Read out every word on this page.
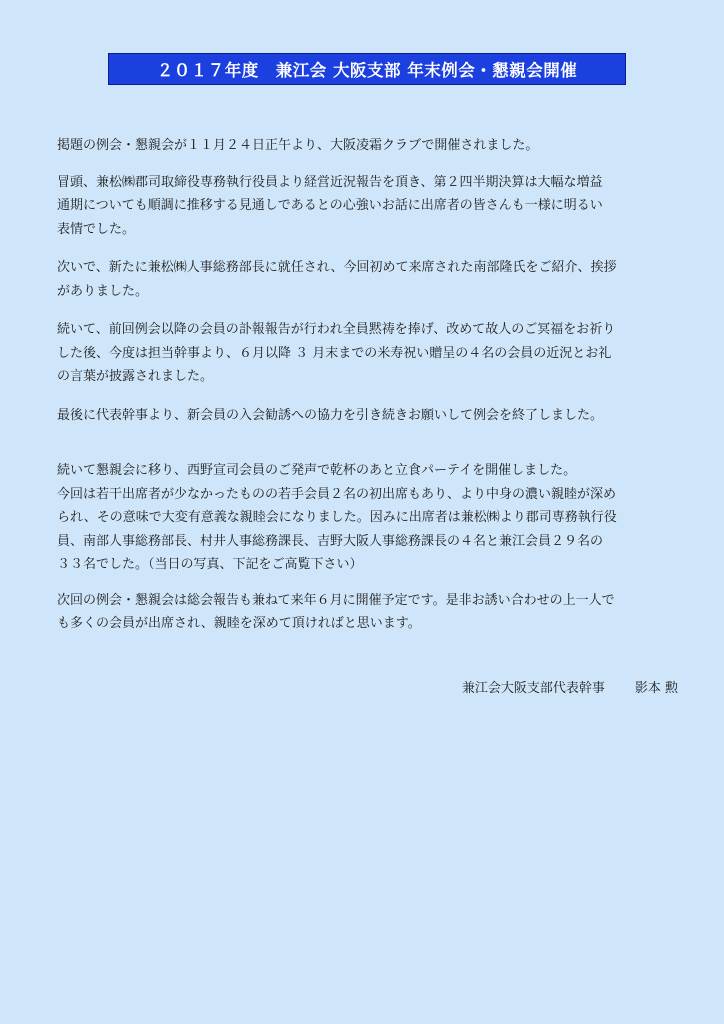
２０１７年度　兼江会 大阪支部 年末例会・懇親会開催

掲題の例会・懇親会が１１月２４日正午より、大阪凌霜クラブで開催されました。

冒頭、兼松㈱郡司取締役専務執行役員より経営近況報告を頂き、第２四半期決算は大幅な増益
通期についても順調に推移する見通しであるとの心強いお話に出席者の皆さんも一様に明るい
表情でした。

次いで、新たに兼松㈱人事総務部長に就任され、今回初めて来席された南部隆氏をご紹介、挨拶
がありました。

続いて、前回例会以降の会員の訃報報告が行われ全員黙祷を捧げ、改めて故人のご冥福をお祈り
した後、今度は担当幹事より、６月以降 ３ 月末までの米寿祝い贈呈の４名の会員の近況とお礼
の言葉が披露されました。

最後に代表幹事より、新会員の入会勧誘への協力を引き続きお願いして例会を終了しました。

続いて懇親会に移り、西野宣司会員のご発声で乾杯のあと立食パーテイを開催しました。

今回は若干出席者が少なかったものの若手会員２名の初出席もあり、より中身の濃い親睦が深め
られ、その意味で大変有意義な親睦会になりました。因みに出席者は兼松㈱より郡司専務執行役
員、南部人事総務部長、村井人事総務課長、吉野大阪人事総務課長の４名と兼江会員２９名の
３３名でした。（当日の写真、下記をご高覧下さい）

次回の例会・懇親会は総会報告も兼ねて来年６月に開催予定です。是非お誘い合わせの上一人で
も多くの会員が出席され、親睦を深めて頂ければと思います。

兼江会大阪支部代表幹事 影本 勲
